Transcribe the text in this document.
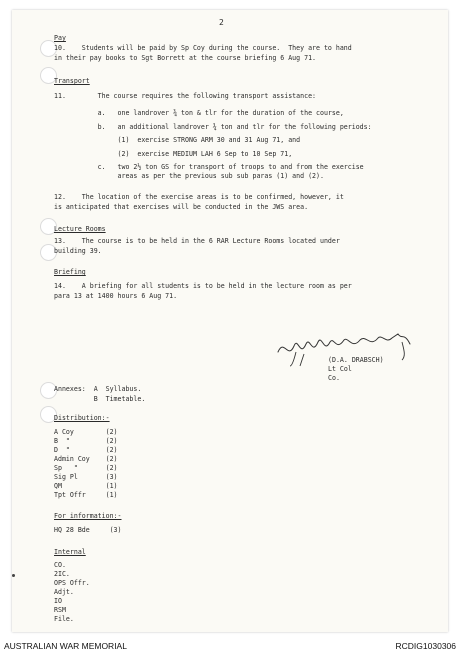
2
Pay
10.    Students will be paid by Sp Coy during the course.  They are to hand
in their pay books to Sgt Borrett at the course briefing 6 Aug 71.
Transport
11.        The course requires the following transport assistance:
a.   one landrover ¾ ton & tlr for the duration of the course,
b.   an additional landrover ¾ ton and tlr for the following periods:
(1)  exercise STRONG ARM 30 and 31 Aug 71, and
(2)  exercise MEDIUM LAH 6 Sep to 10 Sep 71,
c.   two 2½ ton GS for transport of troops to and from the exercise
areas as per the previous sub sub paras (1) and (2).
12.    The location of the exercise areas is to be confirmed, however, it
is anticipated that exercises will be conducted in the JWS area.
Lecture Rooms
13.    The course is to be held in the 6 RAR Lecture Rooms located under
building 39.
Briefing
14.    A briefing for all students is to be held in the lecture room as per
para 13 at 1400 hours 6 Aug 71.
(D.A. DRABSCH)
Lt Col
Co.
Annexes:  A  Syllabus.
B  Timetable.
Distribution:-
A Coy        (2)
B  "         (2)
D  "         (2)
Admin Coy    (2)
Sp   "       (2)
Sig Pl       (3)
QM           (1)
Tpt Offr     (1)
For information:-
HQ 28 Bde     (3)
Internal
CO.
2IC.
OPS Offr.
Adjt.
IO
RSM
File.
AUSTRALIAN WAR MEMORIAL	RCDIG1030306
